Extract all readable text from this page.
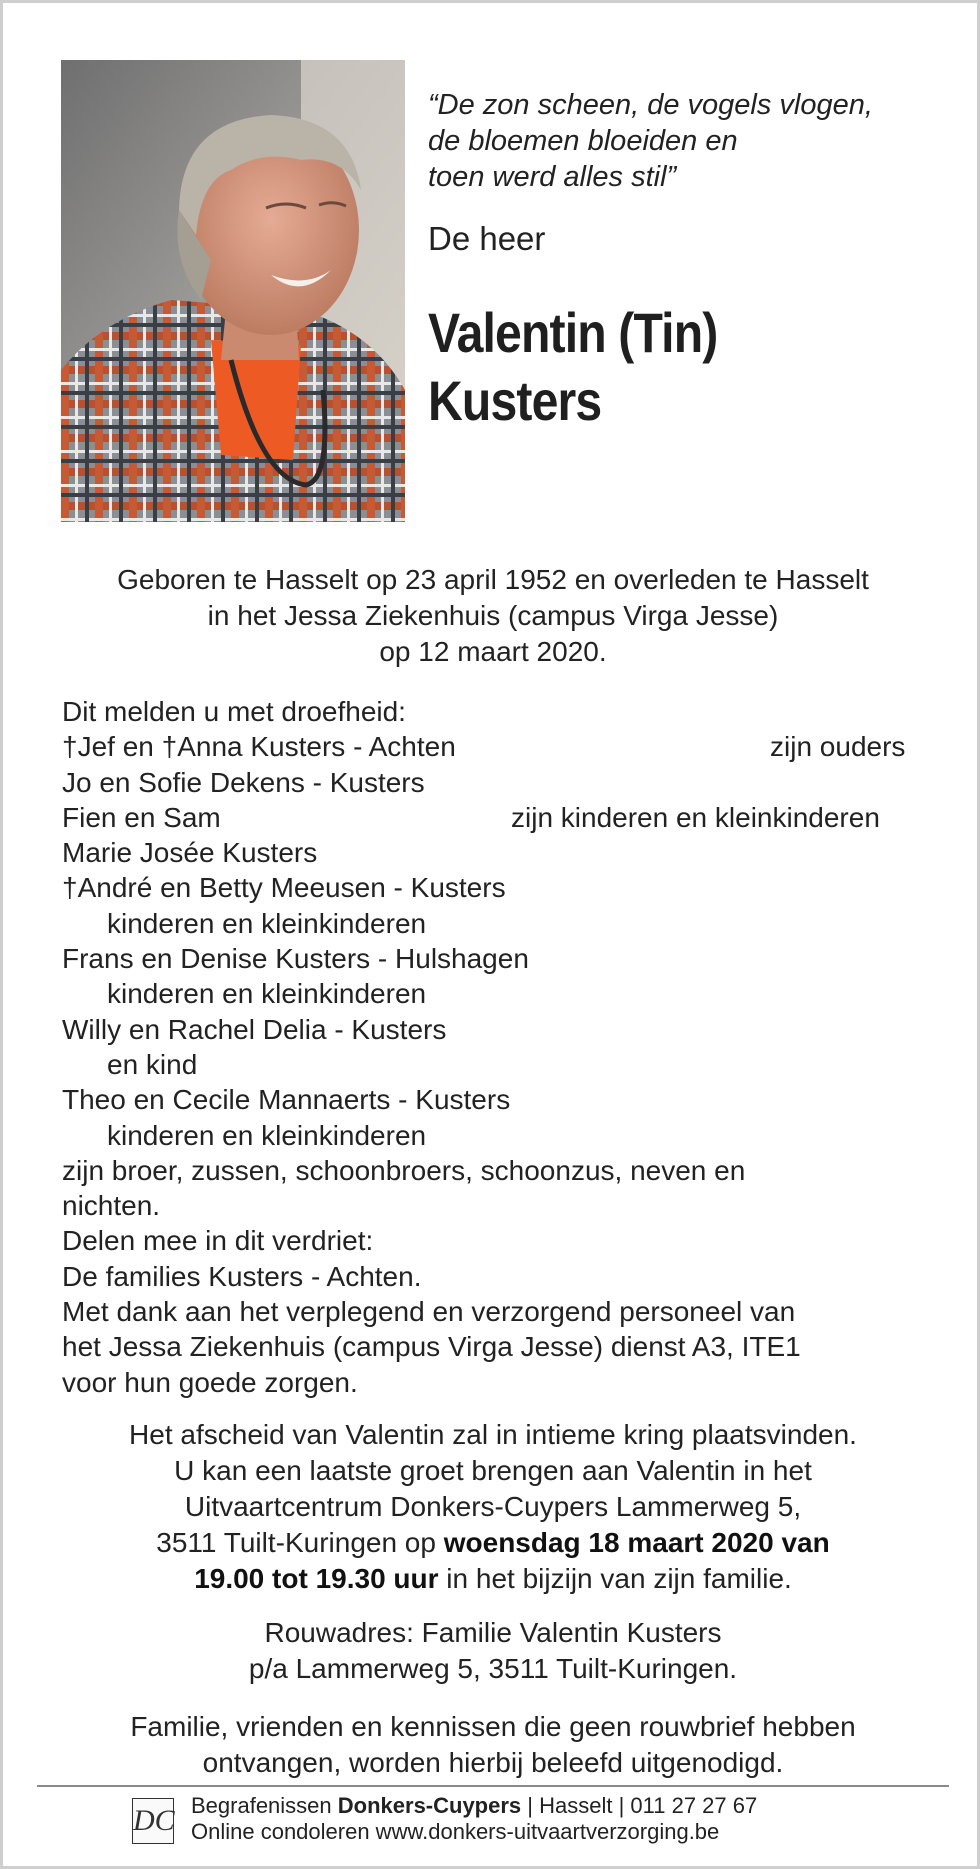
“De zon scheen, de vogels vlogen,
de bloemen bloeiden en
toen werd alles stil”
De heer
Valentin (Tin)
Kusters
Geboren te Hasselt op 23 april 1952 en overleden te Hasselt
in het Jessa Ziekenhuis (campus Virga Jesse)
op 12 maart 2020.
Dit melden u met droefheid:
†Jef en †Anna Kusters - Achten	zijn ouders
Jo en Sofie Dekens - Kusters
Fien en Sam	zijn kinderen en kleinkinderen
Marie Josée Kusters
†André en Betty Meeusen - Kusters
kinderen en kleinkinderen
Frans en Denise Kusters - Hulshagen
kinderen en kleinkinderen
Willy en Rachel Delia - Kusters
en kind
Theo en Cecile Mannaerts - Kusters
kinderen en kleinkinderen
zijn broer, zussen, schoonbroers, schoonzus, neven en
nichten.
Delen mee in dit verdriet:
De families Kusters - Achten.
Met dank aan het verplegend en verzorgend personeel van
het Jessa Ziekenhuis (campus Virga Jesse) dienst A3, ITE1
voor hun goede zorgen.
Het afscheid van Valentin zal in intieme kring plaatsvinden.
U kan een laatste groet brengen aan Valentin in het
Uitvaartcentrum Donkers-Cuypers Lammerweg 5,
3511 Tuilt-Kuringen op woensdag 18 maart 2020 van
19.00 tot 19.30 uur in het bijzijn van zijn familie.
Rouwadres: Familie Valentin Kusters
p/a Lammerweg 5, 3511 Tuilt-Kuringen.
Familie, vrienden en kennissen die geen rouwbrief hebben
ontvangen, worden hierbij beleefd uitgenodigd.
DC Begrafenissen Donkers-Cuypers | Hasselt | 011 27 27 67
Online condoleren www.donkers-uitvaartverzorging.be
